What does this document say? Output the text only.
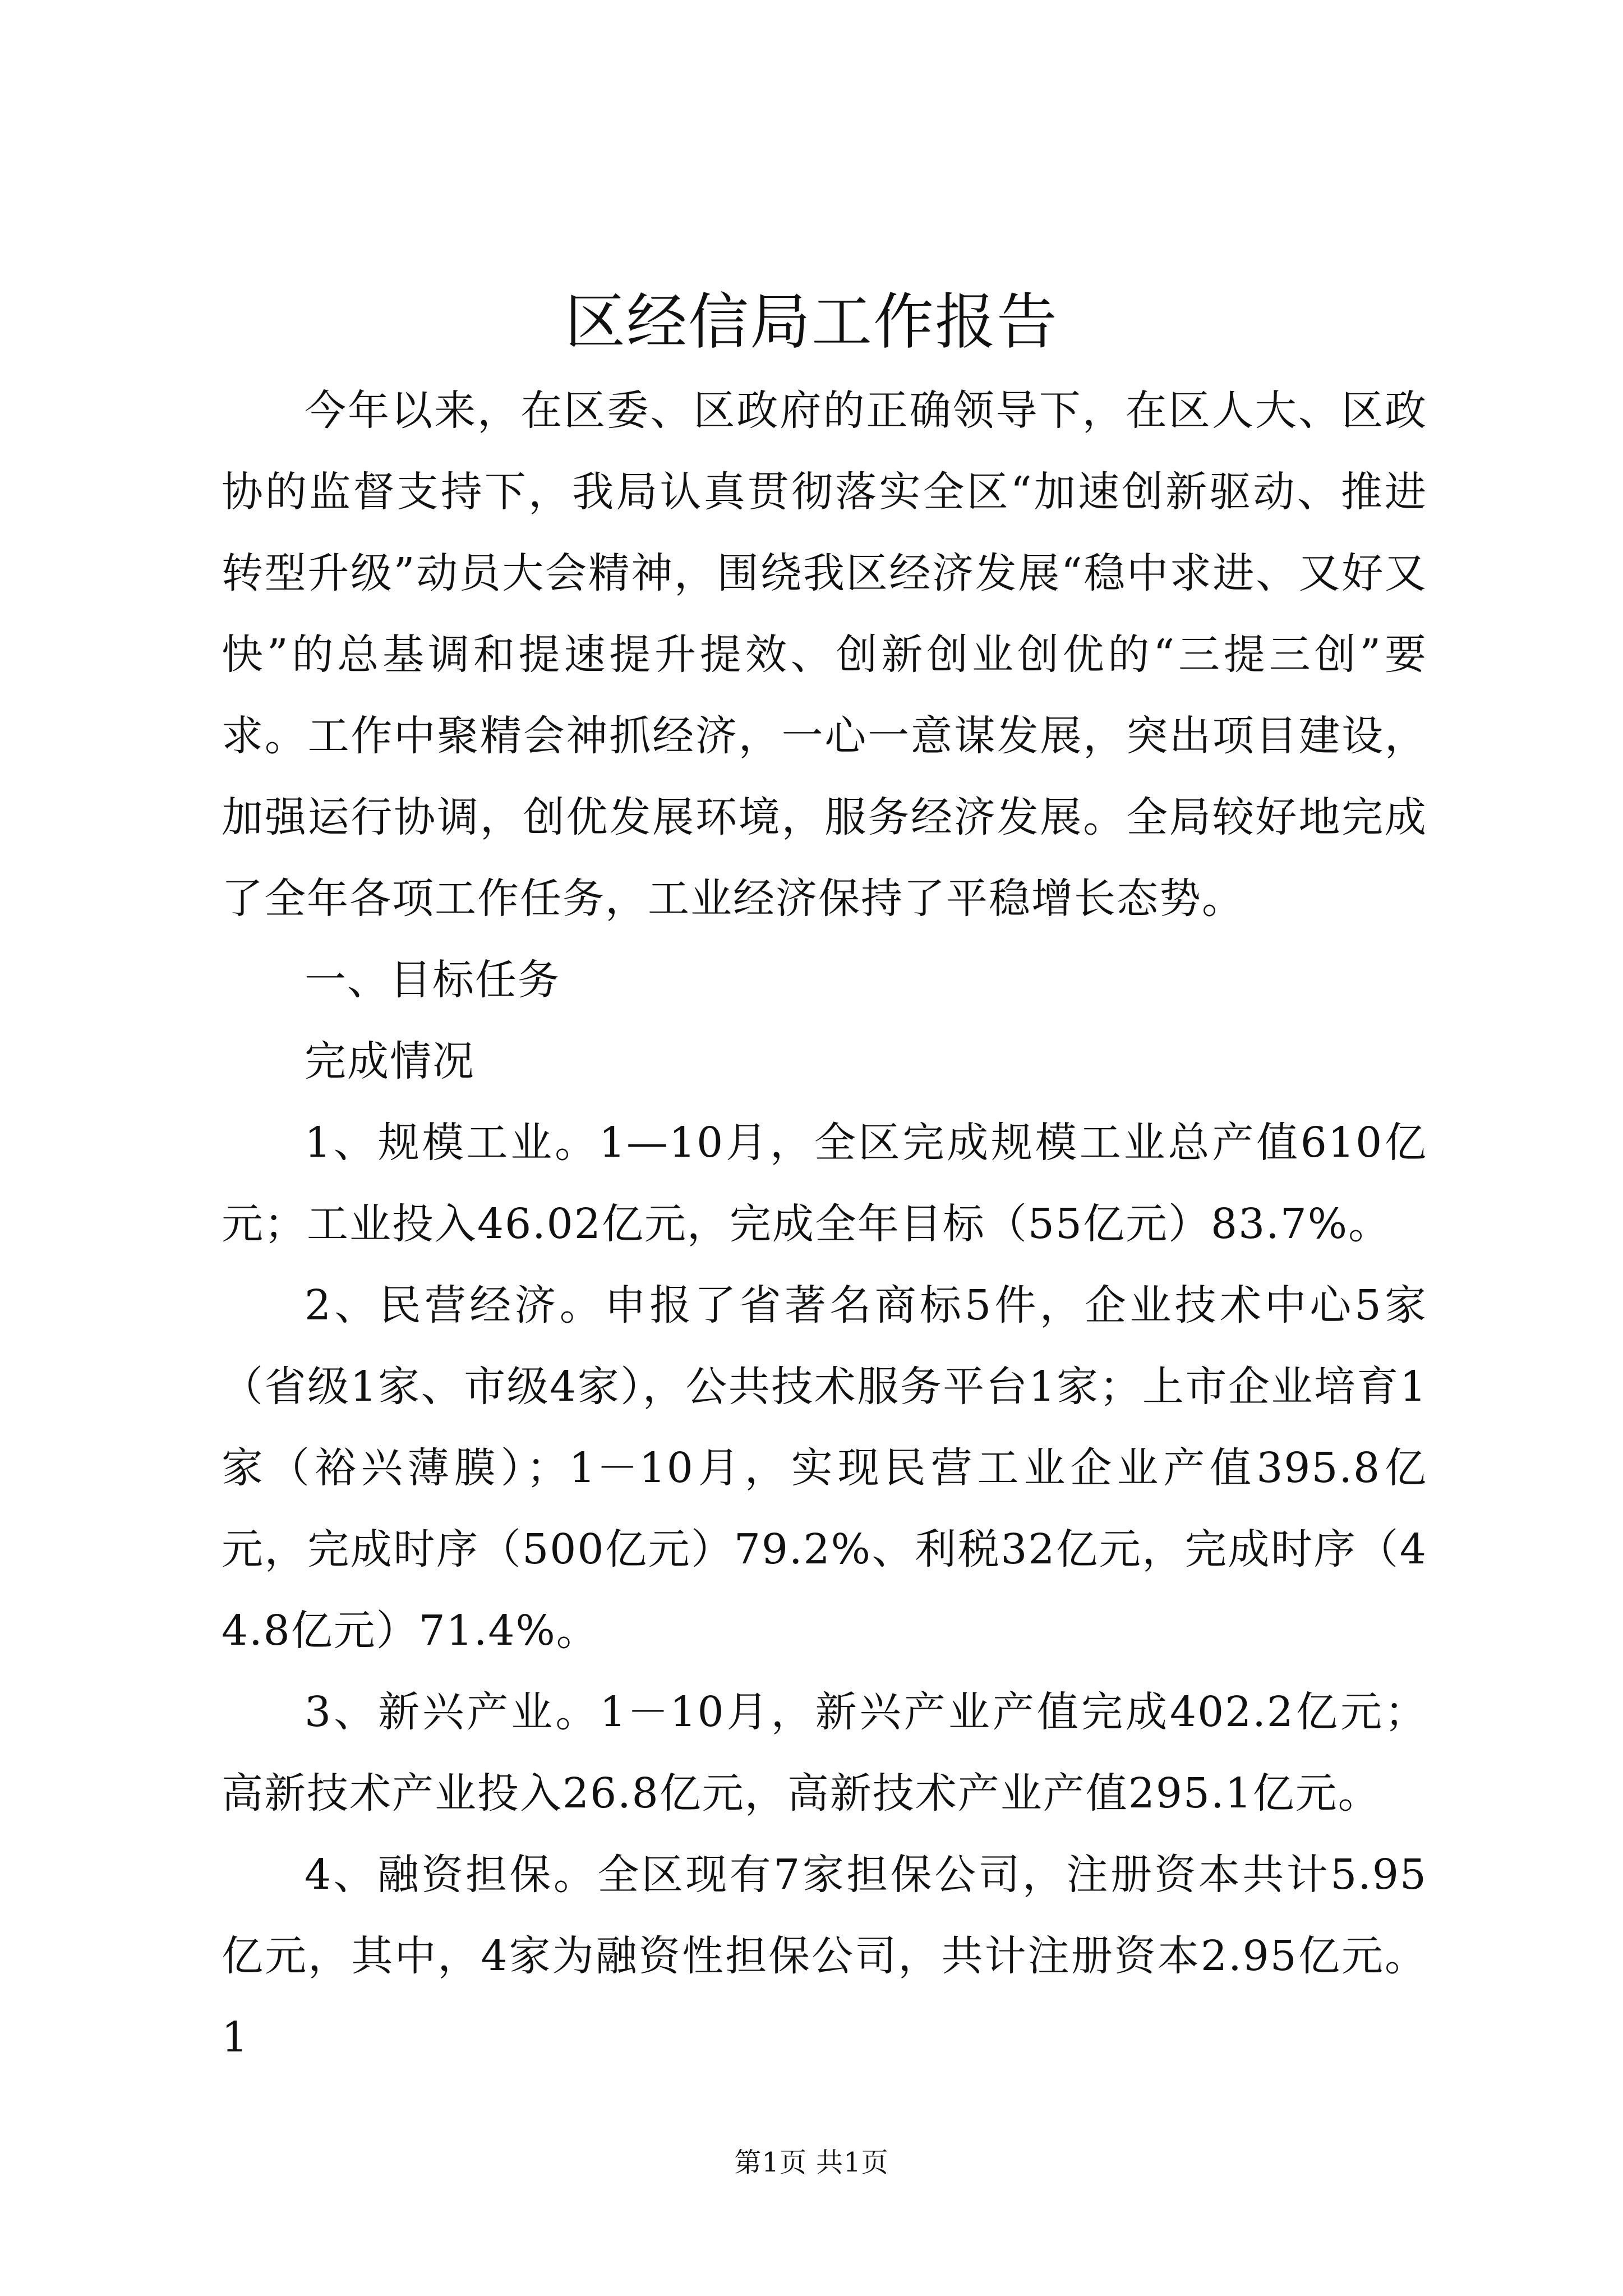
区经信局工作报告

今年以来，在区委、区政府的正确领导下，在区人大、区政协的监督支持下，我局认真贯彻落实全区“加速创新驱动、推进转型升级”动员大会精神，围绕我区经济发展“稳中求进、又好又快”的总基调和提速提升提效、创新创业创优的“三提三创”要求。工作中聚精会神抓经济，一心一意谋发展，突出项目建设，加强运行协调，创优发展环境，服务经济发展。全局较好地完成了全年各项工作任务，工业经济保持了平稳增长态势。

一、目标任务

完成情况

1、规模工业。1—10月，全区完成规模工业总产值610亿元；工业投入46.02亿元，完成全年目标（55亿元）83.7%。

2、民营经济。申报了省著名商标5件，企业技术中心5家（省级1家、市级4家），公共技术服务平台1家；上市企业培育1家（裕兴薄膜）；1－10月，实现民营工业企业产值395.8亿元，完成时序（500亿元）79.2%、利税32亿元，完成时序（44.8亿元）71.4%。

3、新兴产业。1－10月，新兴产业产值完成402.2亿元；高新技术产业投入26.8亿元，高新技术产业产值295.1亿元。

4、融资担保。全区现有7家担保公司，注册资本共计5.95亿元，其中，4家为融资性担保公司，共计注册资本2.95亿元。1

第1页 共1页
